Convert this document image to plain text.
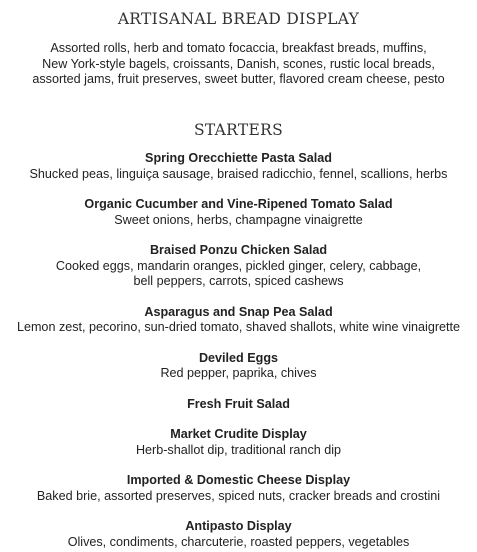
ARTISANAL BREAD DISPLAY

Assorted rolls, herb and tomato focaccia, breakfast breads, muffins,

New York-style bagels, croissants, Danish, scones, rustic local breads,

assorted jams, fruit preserves, sweet butter, flavored cream cheese, pesto

STARTERS

Spring Orecchiette Pasta Salad

Shucked peas, linguiça sausage, braised radicchio, fennel, scallions, herbs

Organic Cucumber and Vine-Ripened Tomato Salad

Sweet onions, herbs, champagne vinaigrette

Braised Ponzu Chicken Salad

Cooked eggs, mandarin oranges, pickled ginger, celery, cabbage,

bell peppers, carrots, spiced cashews

Asparagus and Snap Pea Salad

Lemon zest, pecorino, sun-dried tomato, shaved shallots, white wine vinaigrette

Deviled Eggs

Red pepper, paprika, chives

Fresh Fruit Salad

Market Crudite Display

Herb-shallot dip, traditional ranch dip

Imported & Domestic Cheese Display

Baked brie, assorted preserves, spiced nuts, cracker breads and crostini

Antipasto Display

Olives, condiments, charcuterie, roasted peppers, vegetables
